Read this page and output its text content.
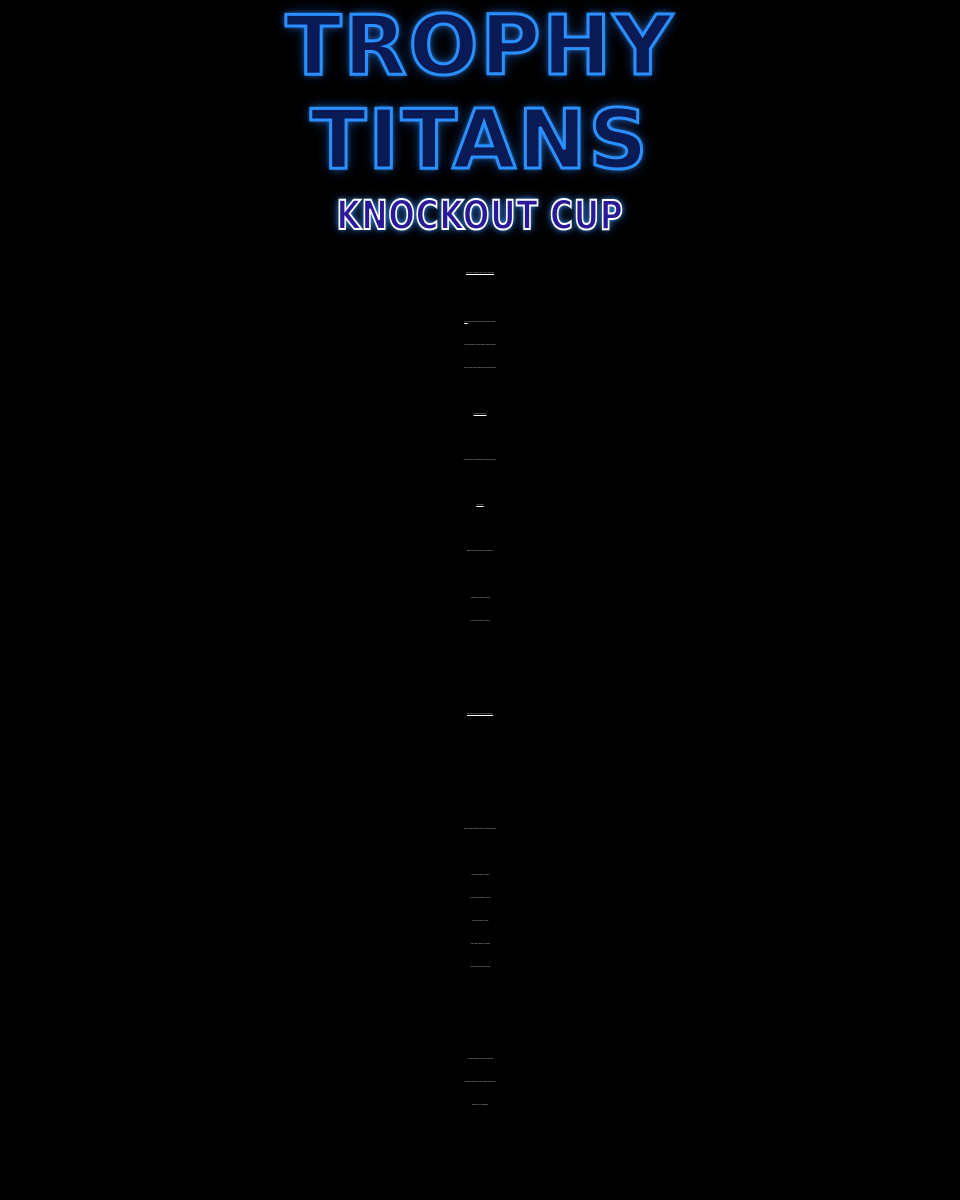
TROPHY
TITANS
KNOCKOUT CUP
DURATION: 2 MONTHS (CUP: MAY 1ST - JUNE 30TH
GOAL: WORK YOUR WAY THROUGH THE TROPHY TITANS
CUP BY OBTAINING “TROPHY TITANS POINTS” STARTING
WITH A GROUP PHASE & ENDING IN KNOCKOUT ROUNDS!
THE SCORING SYSTEM:
WE USE A BASE SCORE MODIFIED BY STATUS AND RARITY.
BASE SCORE
EVERY PLATINUM STARTS WITH A BASE VALUE:
• STANDARD PLATINUM: 45 POINTS
• BACKLOG PLATINUM: 75 POINTS
THE RARITY EXTRA SCORE (SKILL/DIFFICULTY)
EVERY PLATINUM EARNS A RARITY SCORE (PSNP RARITY)
• COMMON PLATINUM: 10 POINTS
• UNCOMMON PLATINUM: 20 POINTS
• RARE PLATINUM: 30 POINTS
• VERY RARE PLATINUM: 50 POINTS
• ULTRA RARE PLATINUM 70 POINTS
...IF THIS SOUNDS FUN SO FAR THEN JOIN THE
COMMUNITY DISCORD TO GET INVOLVED AND FIND OUT
MORE/ ASK ANY QUESTIONS!
